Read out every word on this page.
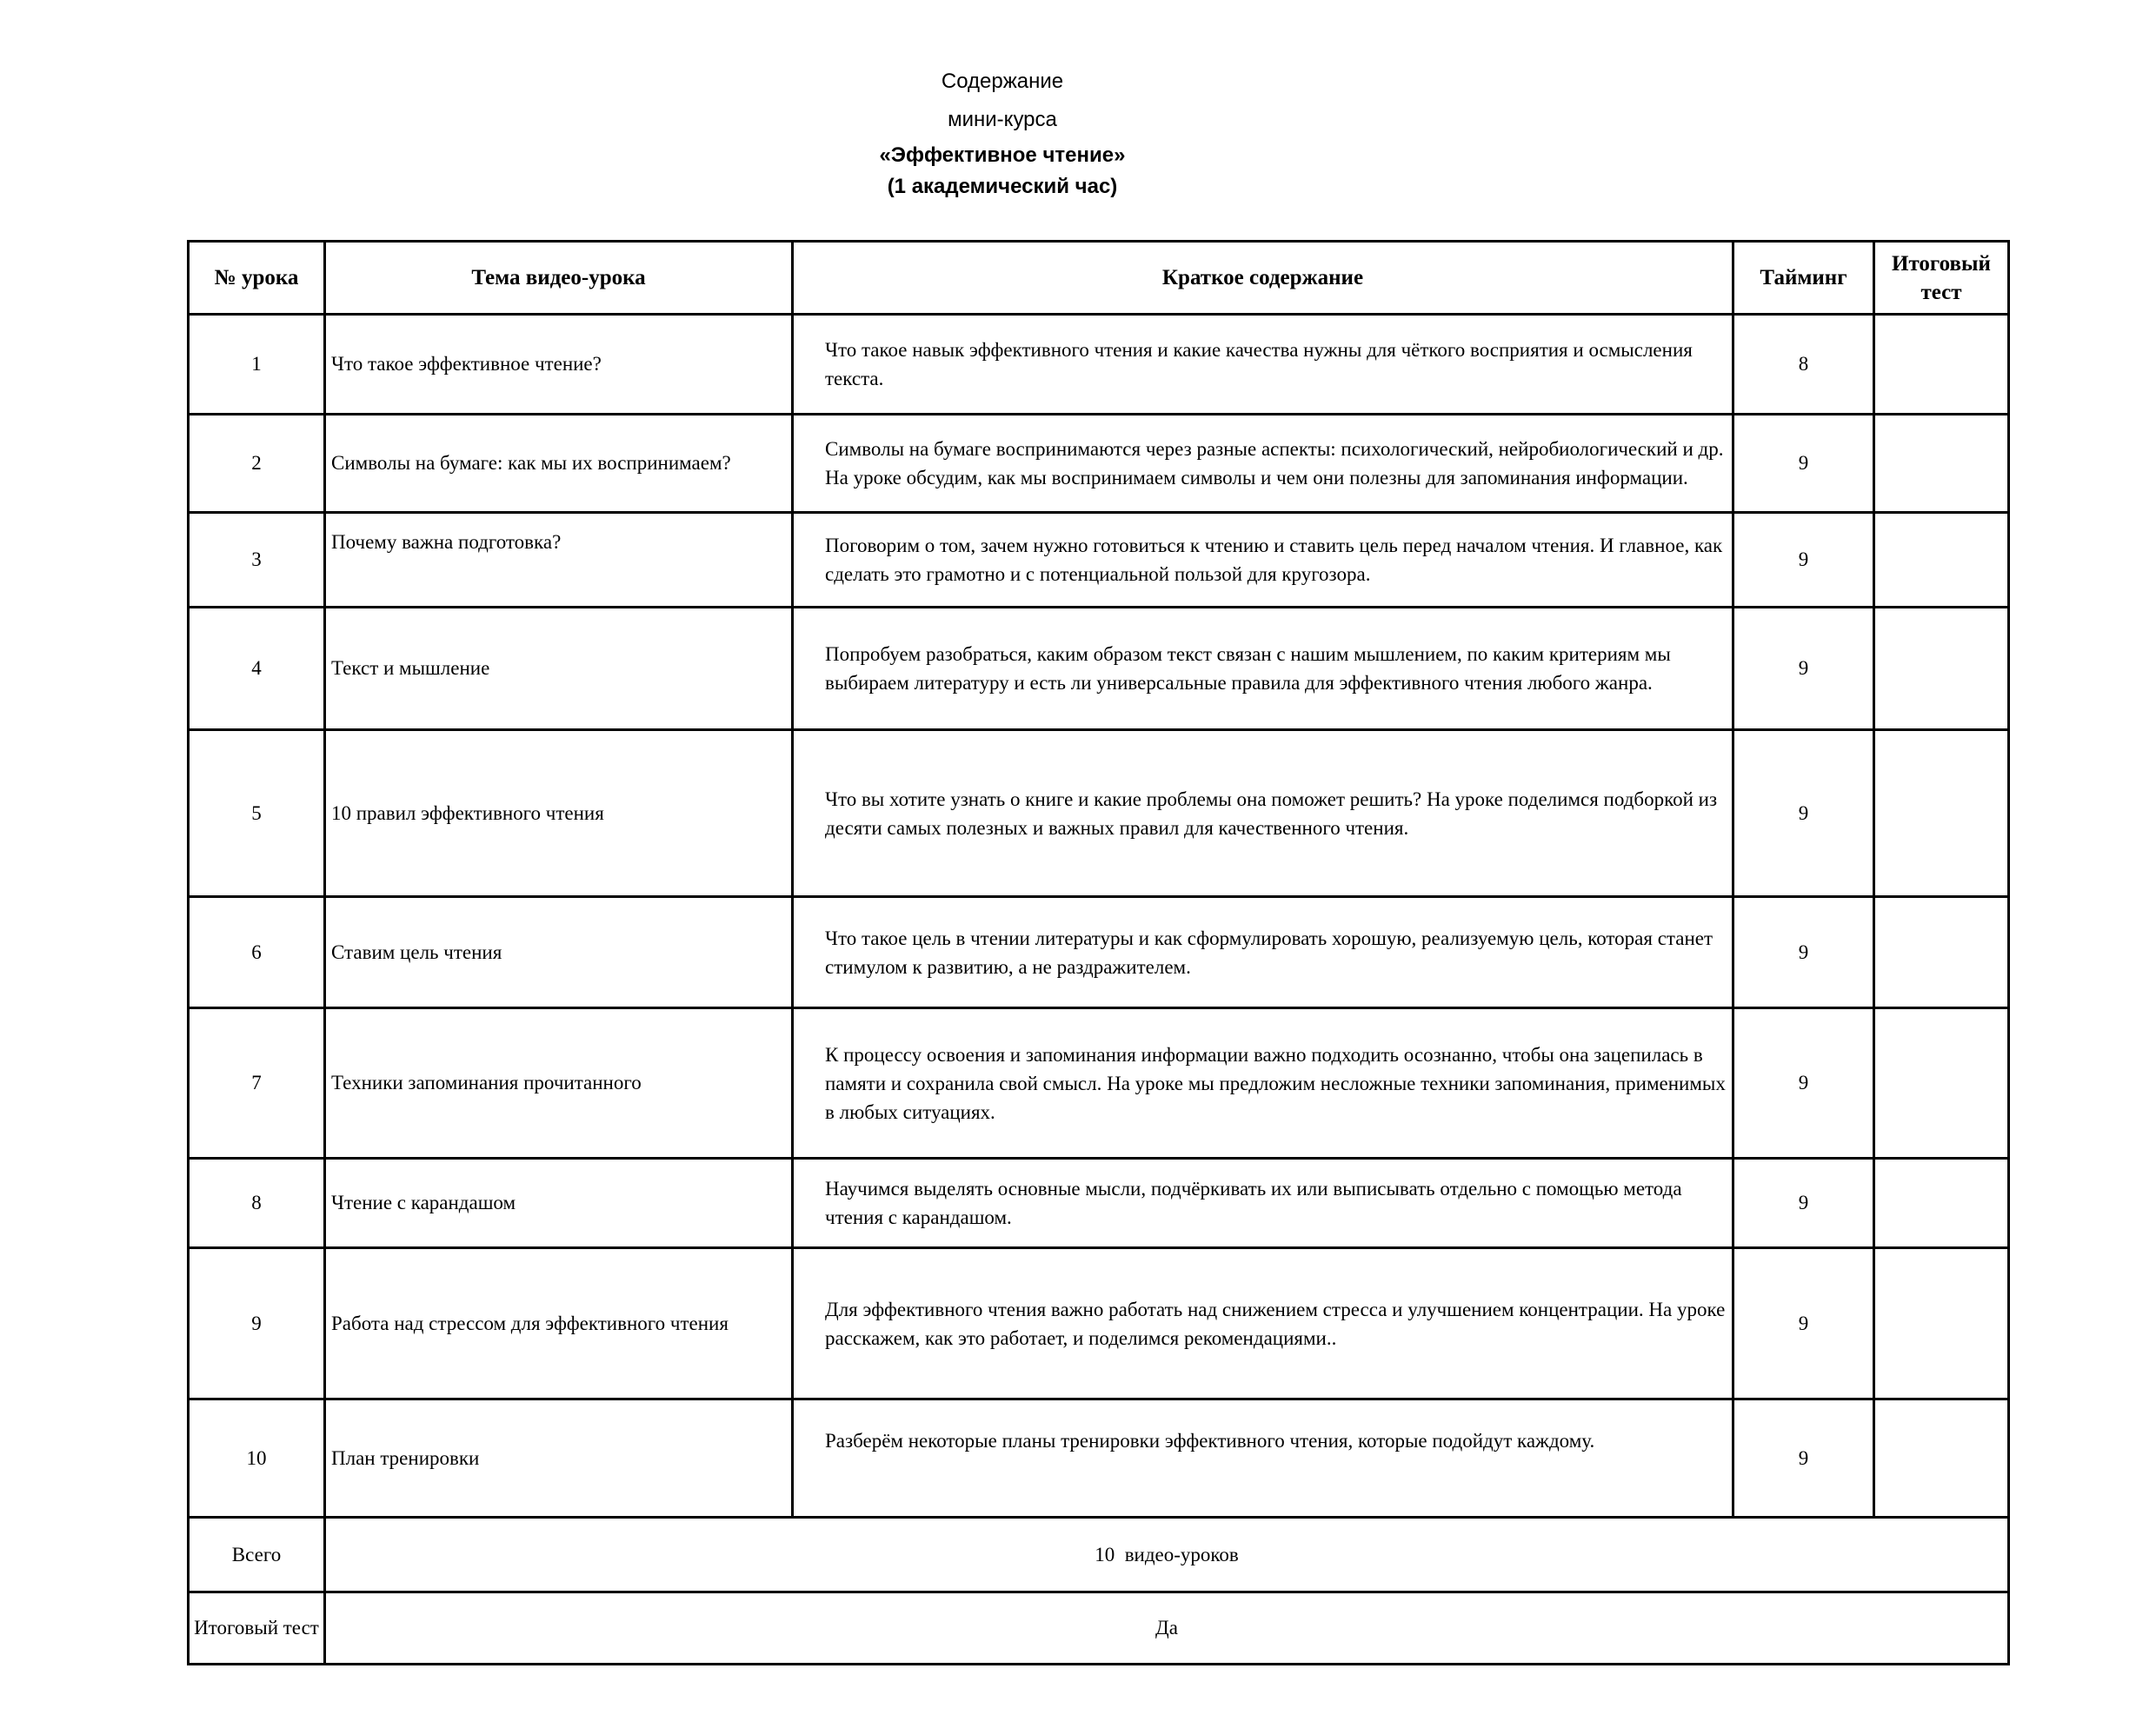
Содержание
мини-курса
«Эффективное чтение»
(1 академический час)
№ урока	Тема видео-урока	Краткое содержание	Тайминг	Итоговый тест
1	Что такое эффективное чтение?	Что такое навык эффективного чтения и какие качества нужны для чёткого восприятия и осмысления текста.	8	
2	Символы на бумаге: как мы их воспринимаем?	Символы на бумаге воспринимаются через разные аспекты: психологический, нейробиологический и др. На уроке обсудим, как мы воспринимаем символы и чем они полезны для запоминания информации.	9	
3	Почему важна подготовка?	Поговорим о том, зачем нужно готовиться к чтению и ставить цель перед началом чтения. И главное, как сделать это грамотно и с потенциальной пользой для кругозора.	9	
4	Текст и мышление	Попробуем разобраться, каким образом текст связан с нашим мышлением, по каким критериям мы выбираем литературу и есть ли универсальные правила для эффективного чтения любого жанра.	9	
5	10 правил эффективного чтения	Что вы хотите узнать о книге и какие проблемы она поможет решить? На уроке поделимся подборкой из десяти самых полезных и важных правил для качественного чтения.	9	
6	Ставим цель чтения	Что такое цель в чтении литературы и как сформулировать хорошую, реализуемую цель, которая станет стимулом к развитию, а не раздражителем.	9	
7	Техники запоминания прочитанного	К процессу освоения и запоминания информации важно подходить осознанно, чтобы она зацепилась в памяти и сохранила свой смысл. На уроке мы предложим несложные техники запоминания, применимых в любых ситуациях.	9	
8	Чтение с карандашом	Научимся выделять основные мысли, подчёркивать их или выписывать отдельно с помощью метода чтения с карандашом.	9	
9	Работа над стрессом для эффективного чтения	Для эффективного чтения важно работать над снижением стресса и улучшением концентрации. На уроке расскажем, как это работает, и поделимся рекомендациями..	9	
10	План тренировки	Разберём некоторые планы тренировки эффективного чтения, которые подойдут каждому.	9	
Всего	10  видео-уроков			
Итоговый тест	Да			
